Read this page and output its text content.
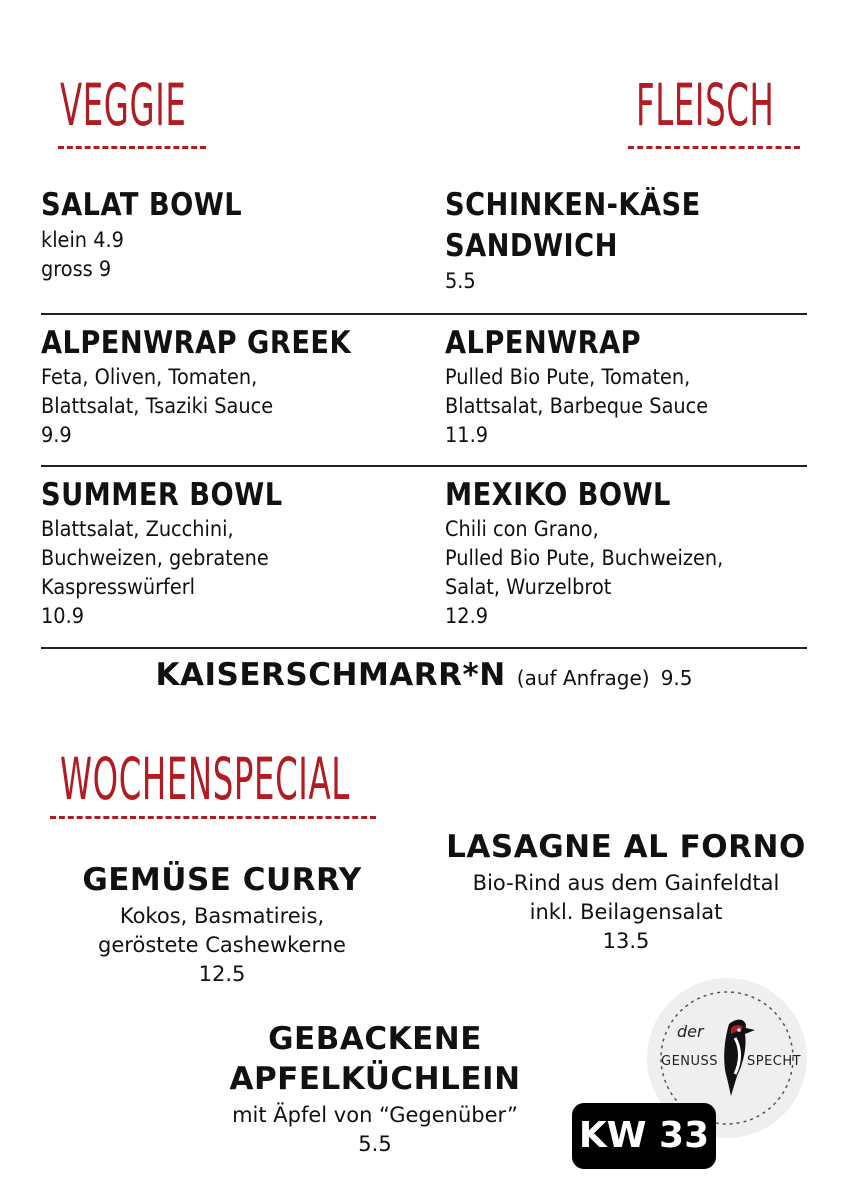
VEGGIE	FLEISCH
SALAT BOWL
klein 4.9
gross 9
SCHINKEN-KÄSE
SANDWICH
5.5
ALPENWRAP GREEK
Feta, Oliven, Tomaten,
Blattsalat, Tsaziki Sauce
9.9
ALPENWRAP
Pulled Bio Pute, Tomaten,
Blattsalat, Barbeque Sauce
11.9
SUMMER BOWL
Blattsalat, Zucchini,
Buchweizen, gebratene
Kaspresswürferl
10.9
MEXIKO BOWL
Chili con Grano,
Pulled Bio Pute, Buchweizen,
Salat, Wurzelbrot
12.9
KAISERSCHMARR*N (auf Anfrage) 9.5
WOCHENSPECIAL
GEMÜSE CURRY
Kokos, Basmatireis,
geröstete Cashewkerne
12.5
LASAGNE AL FORNO
Bio-Rind aus dem Gainfeldtal
inkl. Beilagensalat
13.5
GEBACKENE
APFELKÜCHLEIN
mit Äpfel von “Gegenüber”
5.5
der
GENUSS SPECHT
KW 33
